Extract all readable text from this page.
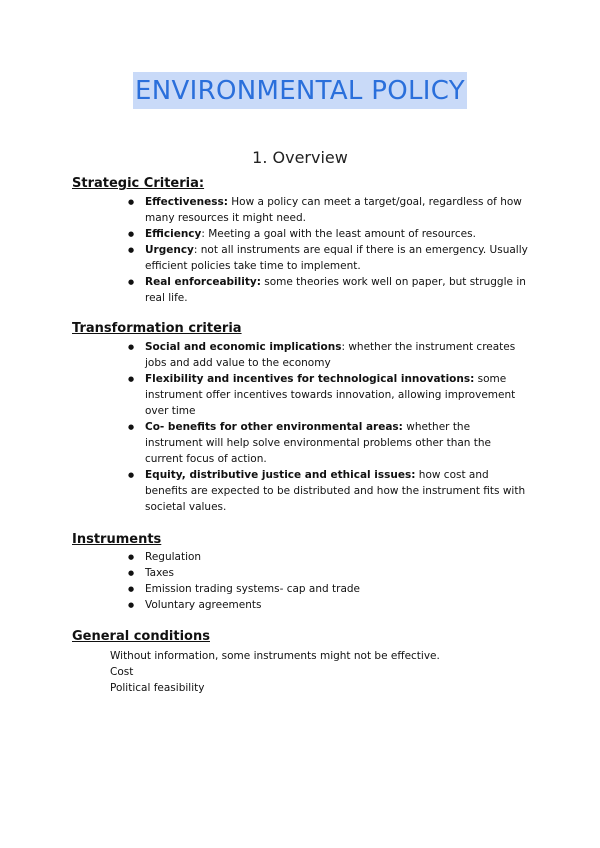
ENVIRONMENTAL POLICY
1. Overview
Strategic Criteria:
● Effectiveness: How a policy can meet a target/goal, regardless of how many resources it might need.
● Efficiency: Meeting a goal with the least amount of resources.
● Urgency: not all instruments are equal if there is an emergency. Usually efficient policies take time to implement.
● Real enforceability: some theories work well on paper, but struggle in real life.
Transformation criteria
● Social and economic implications: whether the instrument creates jobs and add value to the economy
● Flexibility and incentives for technological innovations: some instrument offer incentives towards innovation, allowing improvement over time
● Co- benefits for other environmental areas: whether the instrument will help solve environmental problems other than the current focus of action.
● Equity, distributive justice and ethical issues: how cost and benefits are expected to be distributed and how the instrument fits with societal values.
Instruments
● Regulation
● Taxes
● Emission trading systems- cap and trade
● Voluntary agreements
General conditions
Without information, some instruments might not be effective.
Cost
Political feasibility
